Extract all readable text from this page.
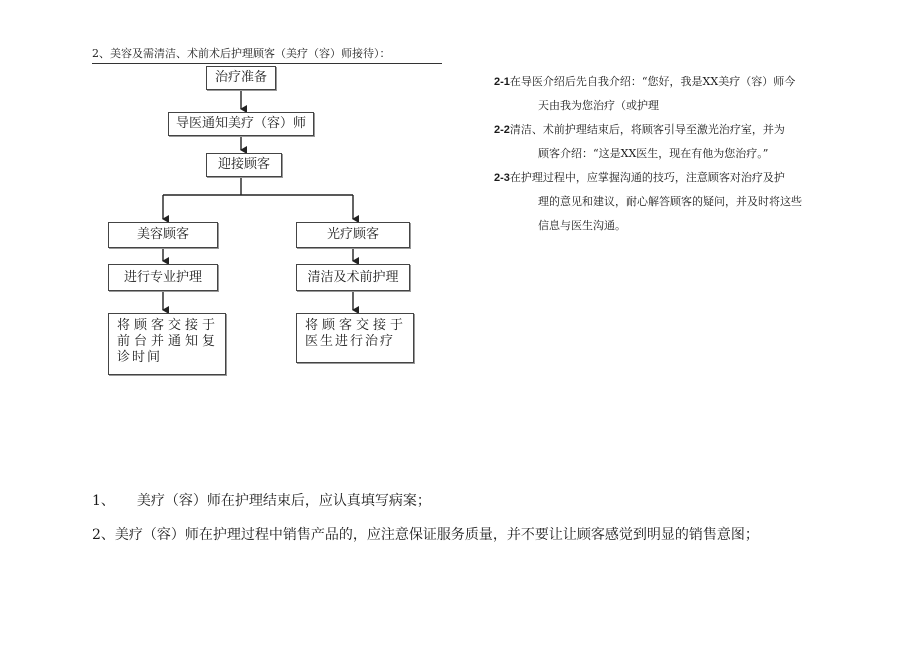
2、美容及需清洁、术前术后护理顾客（美疗（容）师接待）：
治疗准备
导医通知美疗（容）师
迎接顾客
美容顾客
进行专业护理
将顾客交接于前台并通知复诊时间
光疗顾客
清洁及术前护理
将顾客交接于医生进行治疗
2-1在导医介绍后先自我介绍：“您好，我是XX美疗（容）师今
天由我为您治疗（或护理
2-2清洁、术前护理结束后，将顾客引导至激光治疗室，并为
顾客介绍：“这是XX医生，现在有他为您治疗。”
2-3在护理过程中，应掌握沟通的技巧，注意顾客对治疗及护
理的意见和建议，耐心解答顾客的疑问，并及时将这些
信息与医生沟通。
1、 美疗（容）师在护理结束后，应认真填写病案；
2、美疗（容）师在护理过程中销售产品的，应注意保证服务质量，并不要让让顾客感觉到明显的销售意图；
